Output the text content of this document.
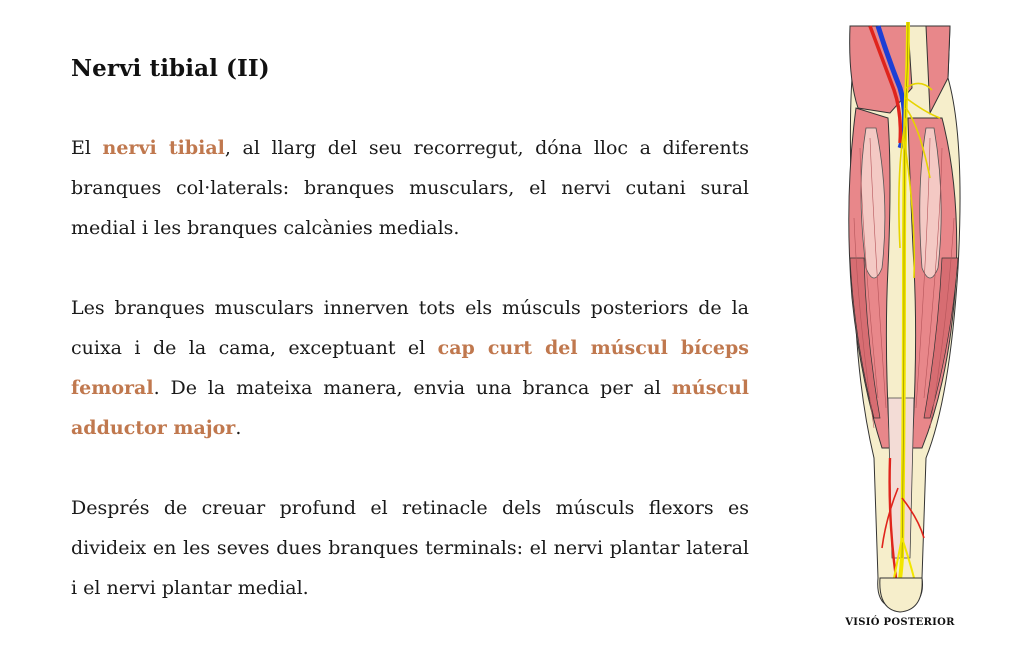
Nervi tibial (II)

El nervi tibial, al llarg del seu recorregut, dóna lloc a diferents branques col·laterals: branques musculars, el nervi cutani sural medial i les branques calcànies medials.

Les branques musculars innerven tots els músculs posteriors de la cuixa i de la cama, exceptuant el cap curt del múscul bíceps femoral. De la mateixa manera, envia una branca per al múscul adductor major.

Després de creuar profund el retinacle dels músculs flexors es divideix en les seves dues branques terminals: el nervi plantar lateral i el nervi plantar medial.

VISIÓ POSTERIOR
